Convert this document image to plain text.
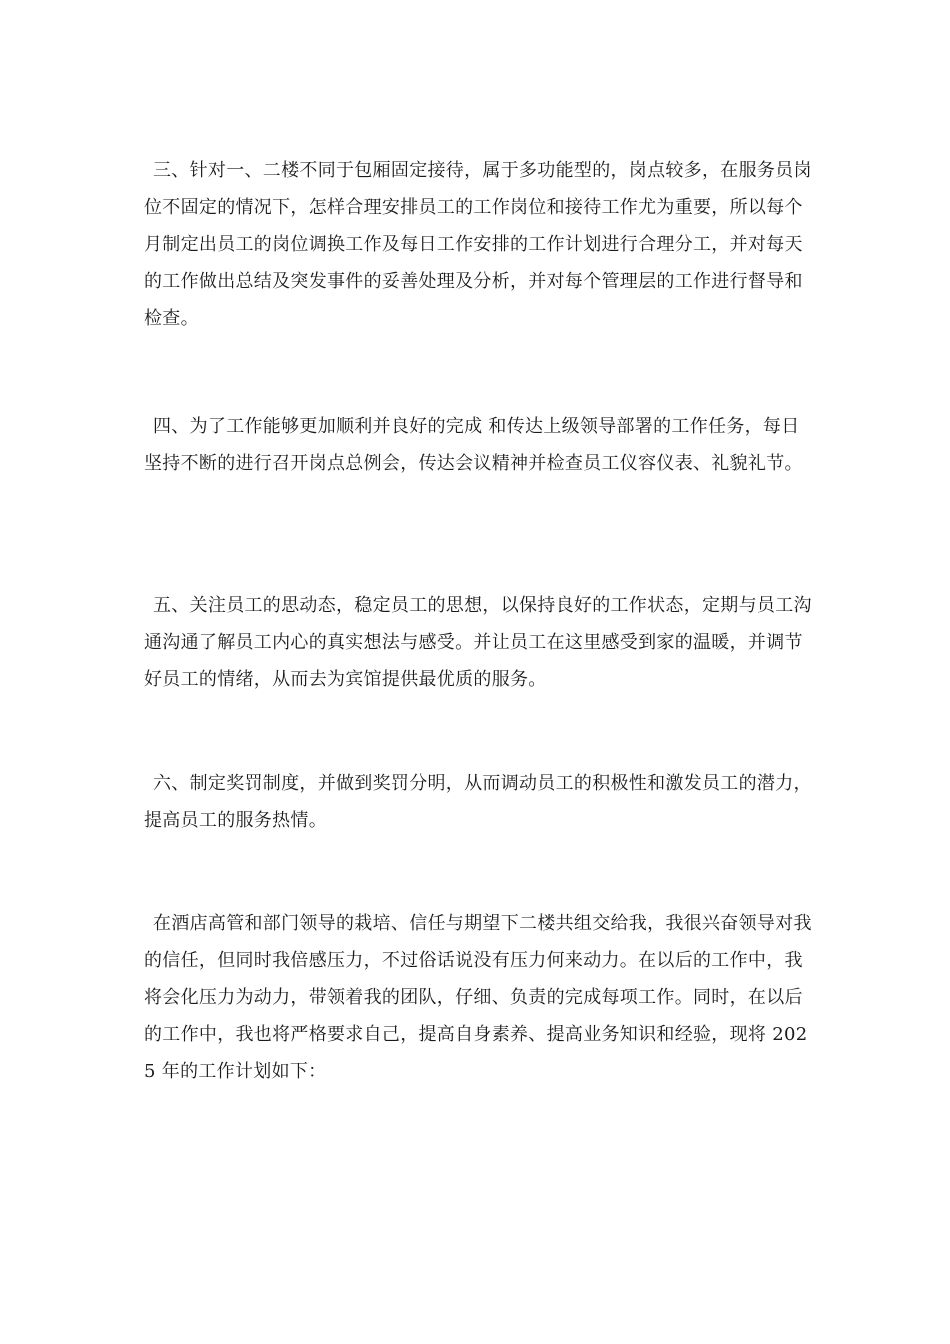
三、针对一、二楼不同于包厢固定接待，属于多功能型的，岗点较多，在服务员岗位不固定的情况下，怎样合理安排员工的工作岗位和接待工作尤为重要，所以每个月制定出员工的岗位调换工作及每日工作安排的工作计划进行合理分工，并对每天的工作做出总结及突发事件的妥善处理及分析，并对每个管理层的工作进行督导和检查。

四、为了工作能够更加顺利并良好的完成 和传达上级领导部署的工作任务，每日坚持不断的进行召开岗点总例会，传达会议精神并检查员工仪容仪表、礼貌礼节。

五、关注员工的思动态，稳定员工的思想，以保持良好的工作状态，定期与员工沟通沟通了解员工内心的真实想法与感受。并让员工在这里感受到家的温暖，并调节好员工的情绪，从而去为宾馆提供最优质的服务。

六、制定奖罚制度，并做到奖罚分明，从而调动员工的积极性和激发员工的潜力，提高员工的服务热情。

在酒店高管和部门领导的栽培、信任与期望下二楼共组交给我，我很兴奋领导对我的信任，但同时我倍感压力，不过俗话说没有压力何来动力。在以后的工作中，我将会化压力为动力，带领着我的团队，仔细、负责的完成每项工作。同时，在以后的工作中，我也将严格要求自己，提高自身素养、提高业务知识和经验，现将 2025 年的工作计划如下：
